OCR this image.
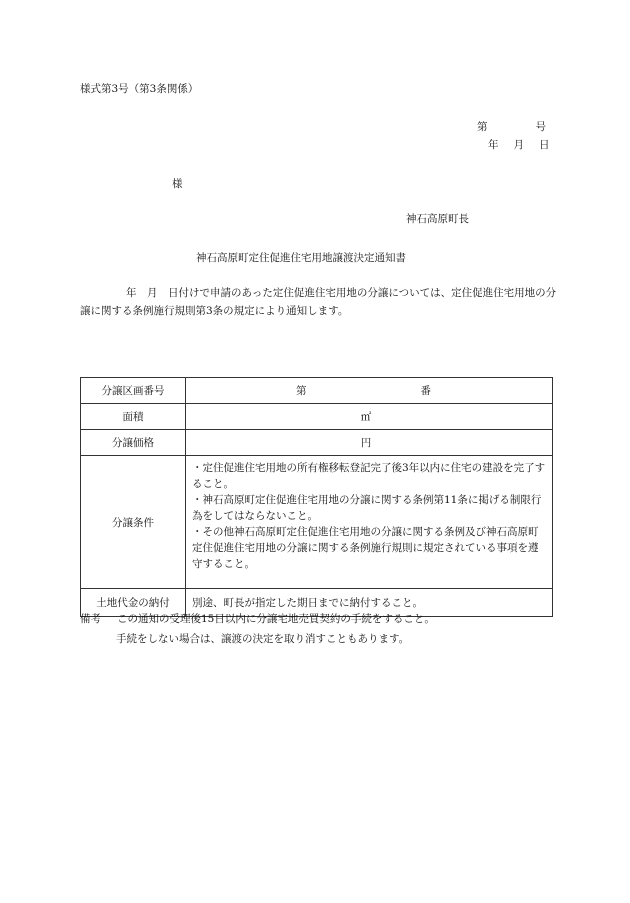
様式第3号（第3条関係）
第	号
年 月 日
様
神石高原町長
神石高原町定住促進住宅用地譲渡決定通知書
年　月　日付けで申請のあった定住促進住宅用地の分譲については、定住促進住宅用地の分譲に関する条例施行規則第3条の規定により通知します。
分譲区画番号	第 番
面積	㎡
分譲価格	円
分譲条件	・定住促進住宅用地の所有権移転登記完了後3年以内に住宅の建設を完了すること。

・神石高原町定住促進住宅用地の分譲に関する条例第11条に掲げる制限行為をしてはならないこと。

・その他神石高原町定住促進住宅用地の分譲に関する条例及び神石高原町定住促進住宅用地の分譲に関する条例施行規則に規定されている事項を遵守すること。

土地代金の納付	別途、町長が指定した期日までに納付すること。
備考 この通知の受理後15日以内に分譲宅地売買契約の手続をすること。
手続をしない場合は、譲渡の決定を取り消すこともあります。
